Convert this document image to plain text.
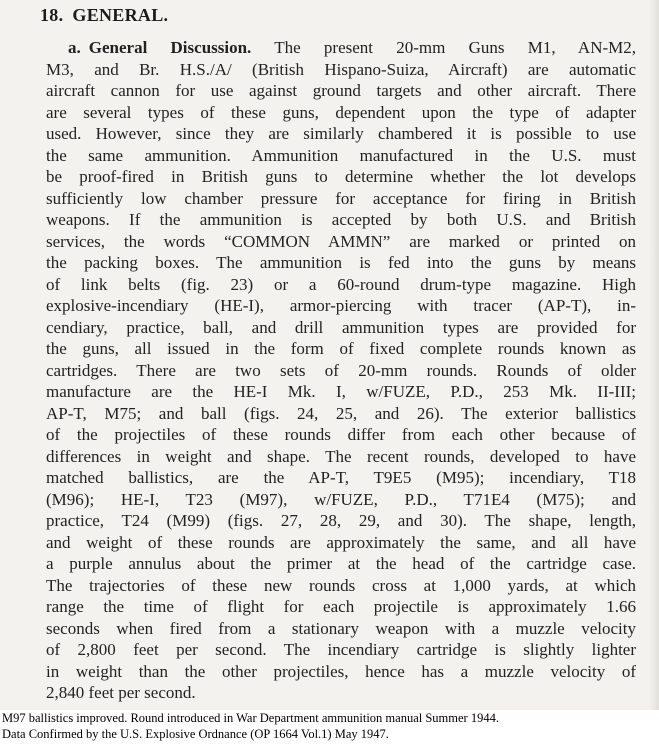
18. GENERAL.
a. General Discussion. The present 20-mm Guns M1, AN-M2,
M3, and Br. H.S./A/ (British Hispano-Suiza, Aircraft) are automatic
aircraft cannon for use against ground targets and other aircraft. There
are several types of these guns, dependent upon the type of adapter
used. However, since they are similarly chambered it is possible to use
the same ammunition. Ammunition manufactured in the U.S. must
be proof-fired in British guns to determine whether the lot develops
sufficiently low chamber pressure for acceptance for firing in British
weapons. If the ammunition is accepted by both U.S. and British
services, the words “COMMON AMMN” are marked or printed on
the packing boxes. The ammunition is fed into the guns by means
of link belts (fig. 23) or a 60-round drum-type magazine. High
explosive-incendiary (HE-I), armor-piercing with tracer (AP-T), in-
cendiary, practice, ball, and drill ammunition types are provided for
the guns, all issued in the form of fixed complete rounds known as
cartridges. There are two sets of 20-mm rounds. Rounds of older
manufacture are the HE-I Mk. I, w/FUZE, P.D., 253 Mk. II-III;
AP-T, M75; and ball (figs. 24, 25, and 26). The exterior ballistics
of the projectiles of these rounds differ from each other because of
differences in weight and shape. The recent rounds, developed to have
matched ballistics, are the AP-T, T9E5 (M95); incendiary, T18
(M96); HE-I, T23 (M97), w/FUZE, P.D., T71E4 (M75); and
practice, T24 (M99) (figs. 27, 28, 29, and 30). The shape, length,
and weight of these rounds are approximately the same, and all have
a purple annulus about the primer at the head of the cartridge case.
The trajectories of these new rounds cross at 1,000 yards, at which
range the time of flight for each projectile is approximately 1.66
seconds when fired from a stationary weapon with a muzzle velocity
of 2,800 feet per second. The incendiary cartridge is slightly lighter
in weight than the other projectiles, hence has a muzzle velocity of
2,840 feet per second.
M97 ballistics improved. Round introduced in War Department ammunition manual Summer 1944.
Data Confirmed by the U.S. Explosive Ordnance (OP 1664 Vol.1) May 1947.
